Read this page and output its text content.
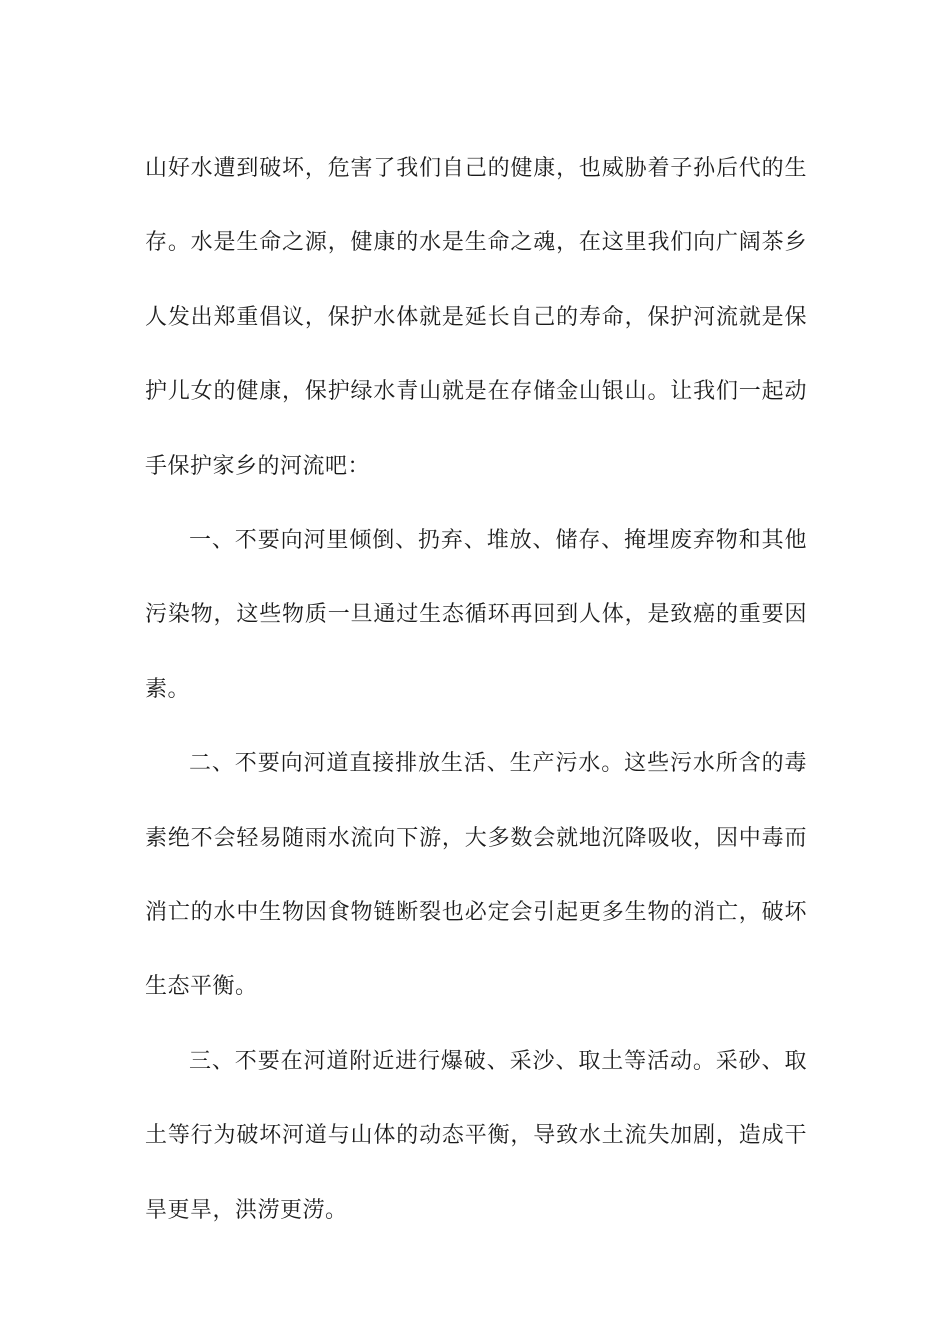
山好水遭到破坏，危害了我们自己的健康，也威胁着子孙后代的生存。水是生命之源，健康的水是生命之魂，在这里我们向广阔茶乡人发出郑重倡议，保护水体就是延长自己的寿命，保护河流就是保护儿女的健康，保护绿水青山就是在存储金山银山。让我们一起动手保护家乡的河流吧：

一、不要向河里倾倒、扔弃、堆放、储存、掩埋废弃物和其他污染物，这些物质一旦通过生态循环再回到人体，是致癌的重要因素。

二、不要向河道直接排放生活、生产污水。这些污水所含的毒素绝不会轻易随雨水流向下游，大多数会就地沉降吸收，因中毒而消亡的水中生物因食物链断裂也必定会引起更多生物的消亡，破坏生态平衡。

三、不要在河道附近进行爆破、采沙、取土等活动。采砂、取土等行为破坏河道与山体的动态平衡，导致水土流失加剧，造成干旱更旱，洪涝更涝。
